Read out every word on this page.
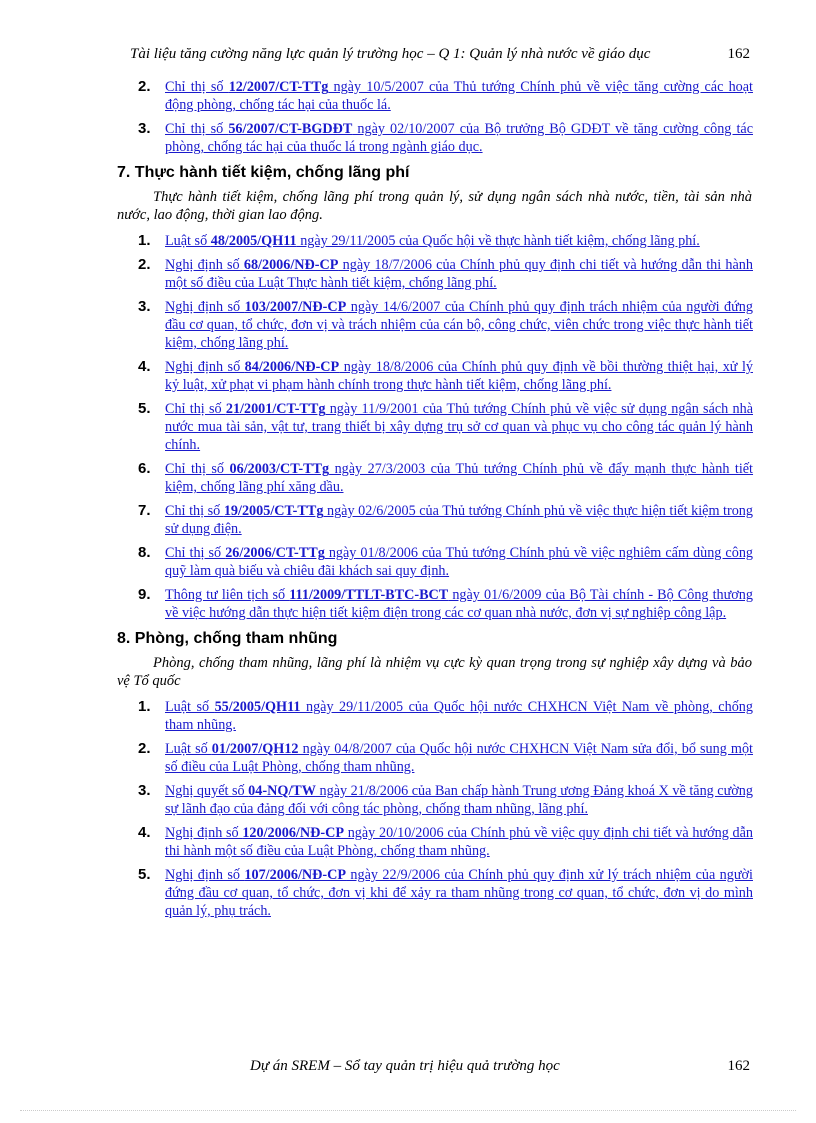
Tài liệu tăng cường năng lực quản lý trường học – Q 1: Quản lý nhà nước về giáo dục	162
2. Chỉ thị số 12/2007/CT-TTg ngày 10/5/2007 của Thủ tướng Chính phủ về việc tăng cường các hoạt động phòng, chống tác hại của thuốc lá.
3. Chỉ thị số 56/2007/CT-BGDĐT ngày 02/10/2007 của Bộ trưởng Bộ GDĐT về tăng cường công tác phòng, chống tác hại của thuốc lá trong ngành giáo dục.
7. Thực hành tiết kiệm, chống lãng phí
Thực hành tiết kiệm, chống lãng phí trong quản lý, sử dụng ngân sách nhà nước, tiền, tài sản nhà nước, lao động, thời gian lao động.
1. Luật số 48/2005/QH11 ngày 29/11/2005 của Quốc hội về thực hành tiết kiệm, chống lãng phí.
2. Nghị định số 68/2006/NĐ-CP ngày 18/7/2006 của Chính phủ quy định chi tiết và hướng dẫn thi hành một số điều của Luật Thực hành tiết kiệm, chống lãng phí.
3. Nghị định số 103/2007/NĐ-CP ngày 14/6/2007 của Chính phủ quy định trách nhiệm của người đứng đầu cơ quan, tổ chức, đơn vị và trách nhiệm của cán bộ, công chức, viên chức trong việc thực hành tiết kiệm, chống lãng phí.
4. Nghị định số 84/2006/NĐ-CP ngày 18/8/2006 của Chính phủ quy định về bồi thường thiệt hại, xử lý kỷ luật, xử phạt vi phạm hành chính trong thực hành tiết kiệm, chống lãng phí.
5. Chỉ thị số 21/2001/CT-TTg ngày 11/9/2001 của Thủ tướng Chính phủ về việc sử dụng ngân sách nhà nước mua tài sản, vật tư, trang thiết bị xây dựng trụ sở cơ quan và phục vụ cho công tác quản lý hành chính.
6. Chỉ thị số 06/2003/CT-TTg ngày 27/3/2003 của Thủ tướng Chính phủ về đẩy mạnh thực hành tiết kiệm, chống lãng phí xăng dầu.
7. Chỉ thị số 19/2005/CT-TTg ngày 02/6/2005 của Thủ tướng Chính phủ về việc thực hiện tiết kiệm trong sử dụng điện.
8. Chỉ thị số 26/2006/CT-TTg ngày 01/8/2006 của Thủ tướng Chính phủ về việc nghiêm cấm dùng công quỹ làm quà biếu và chiêu đãi khách sai quy định.
9. Thông tư liên tịch số 111/2009/TTLT-BTC-BCT ngày 01/6/2009 của Bộ Tài chính - Bộ Công thương về việc hướng dẫn thực hiện tiết kiệm điện trong các cơ quan nhà nước, đơn vị sự nghiệp công lập.
8. Phòng, chống tham nhũng
Phòng, chống tham nhũng, lãng phí là nhiệm vụ cực kỳ quan trọng trong sự nghiệp xây dựng và bảo vệ Tổ quốc
1. Luật số 55/2005/QH11 ngày 29/11/2005 của Quốc hội nước CHXHCN Việt Nam về phòng, chống tham nhũng.
2. Luật số 01/2007/QH12 ngày 04/8/2007 của Quốc hội nước CHXHCN Việt Nam sửa đổi, bổ sung một số điều của Luật Phòng, chống tham nhũng.
3. Nghị quyết số 04-NQ/TW ngày 21/8/2006 của Ban chấp hành Trung ương Đảng khoá X về tăng cường sự lãnh đạo của đảng đối với công tác phòng, chống tham nhũng, lãng phí.
4. Nghị định số 120/2006/NĐ-CP ngày 20/10/2006 của Chính phủ về việc quy định chi tiết và hướng dẫn thi hành một số điều của Luật Phòng, chống tham nhũng.
5. Nghị định số 107/2006/NĐ-CP ngày 22/9/2006 của Chính phủ quy định xử lý trách nhiệm của người đứng đầu cơ quan, tổ chức, đơn vị khi để xảy ra tham nhũng trong cơ quan, tổ chức, đơn vị do mình quản lý, phụ trách.
Dự án SREM – Sổ tay quản trị hiệu quả trường học	162
